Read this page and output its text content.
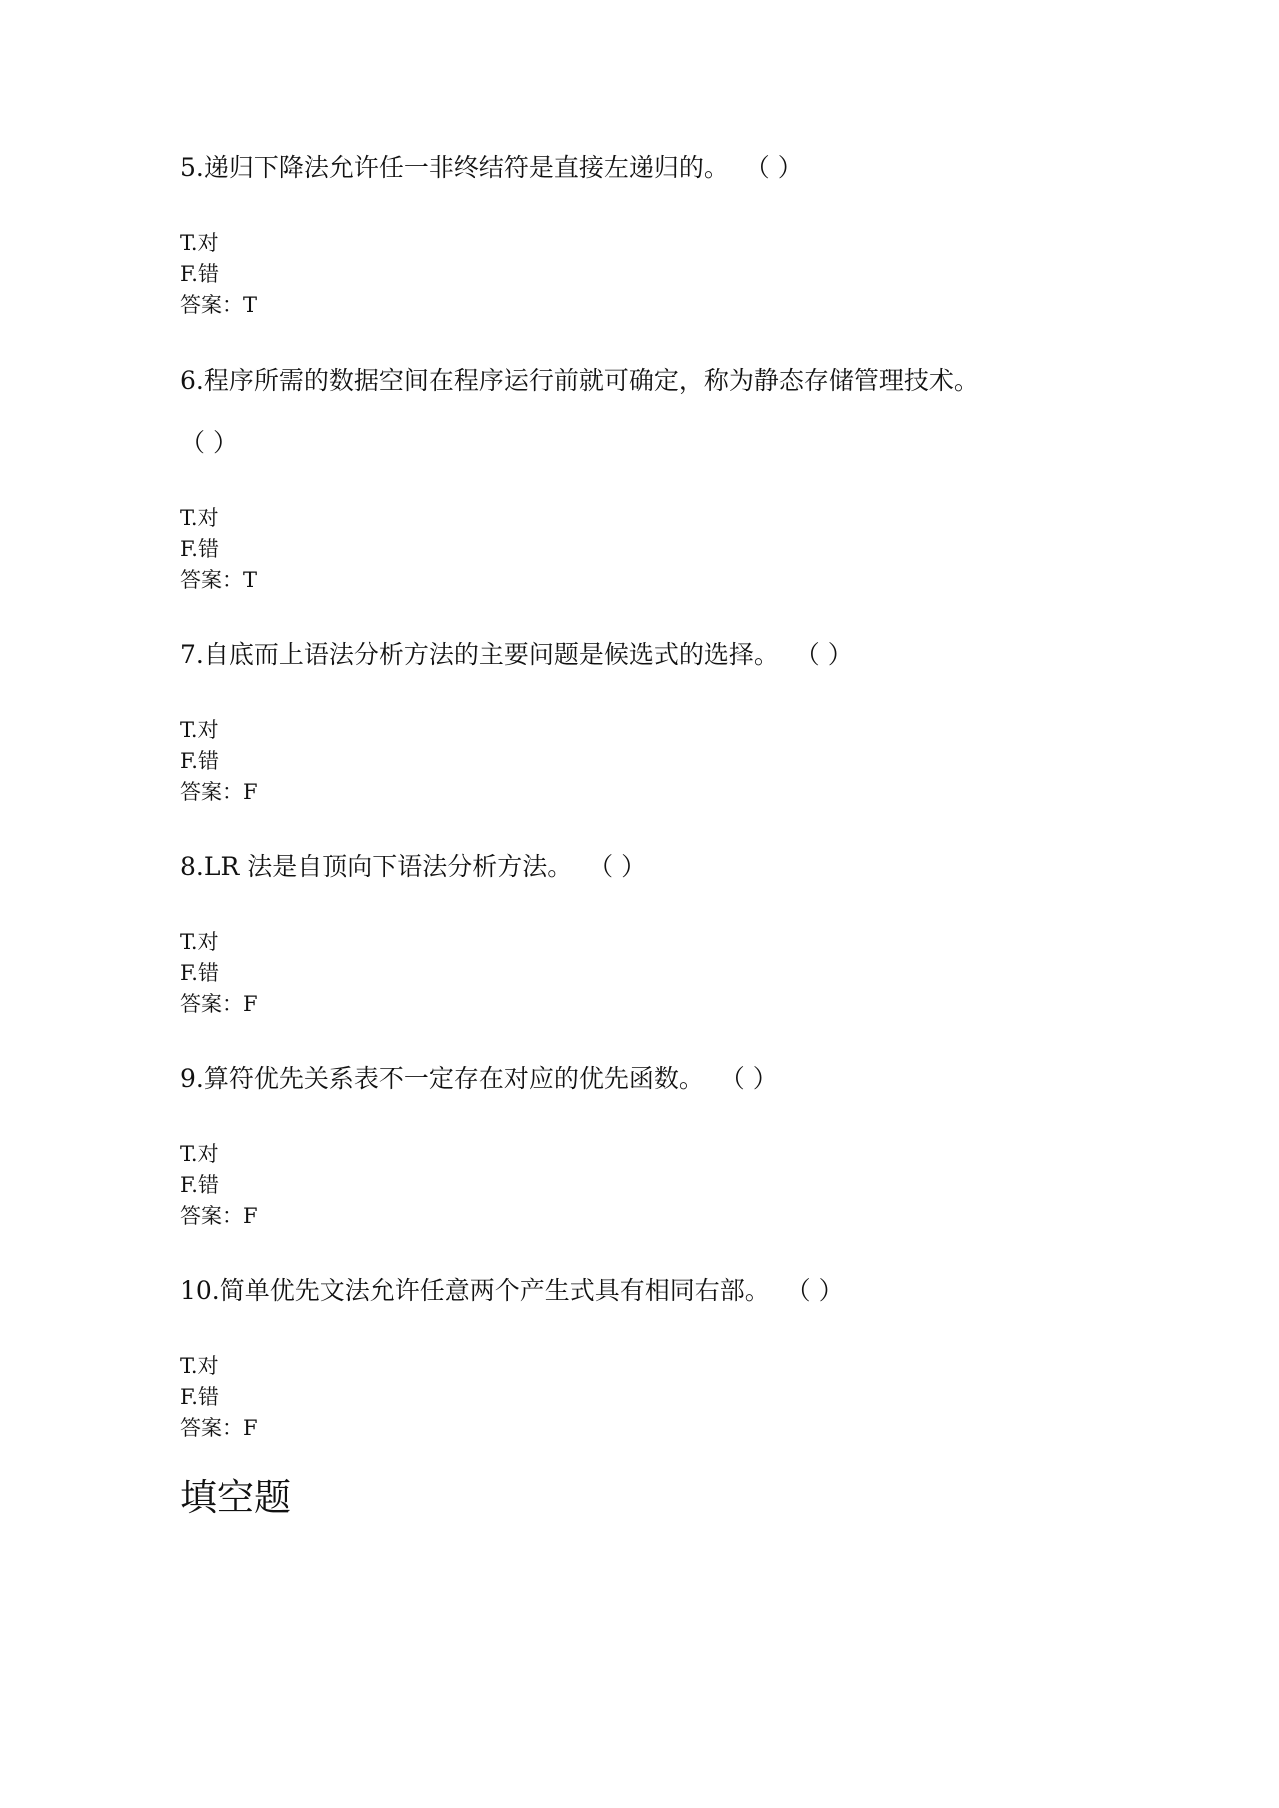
5.递归下降法允许任一非终结符是直接左递归的。  （ ）

T.对

F.错

答案：T

6.程序所需的数据空间在程序运行前就可确定，称为静态存储管理技术。

（ ）

T.对

F.错

答案：T

7.自底而上语法分析方法的主要问题是候选式的选择。  （ ）

T.对

F.错

答案：F

8.LR 法是自顶向下语法分析方法。  （ ）

T.对

F.错

答案：F

9.算符优先关系表不一定存在对应的优先函数。  （ ）

T.对

F.错

答案：F

10.简单优先文法允许任意两个产生式具有相同右部。  （ ）

T.对

F.错

答案：F

填空题
